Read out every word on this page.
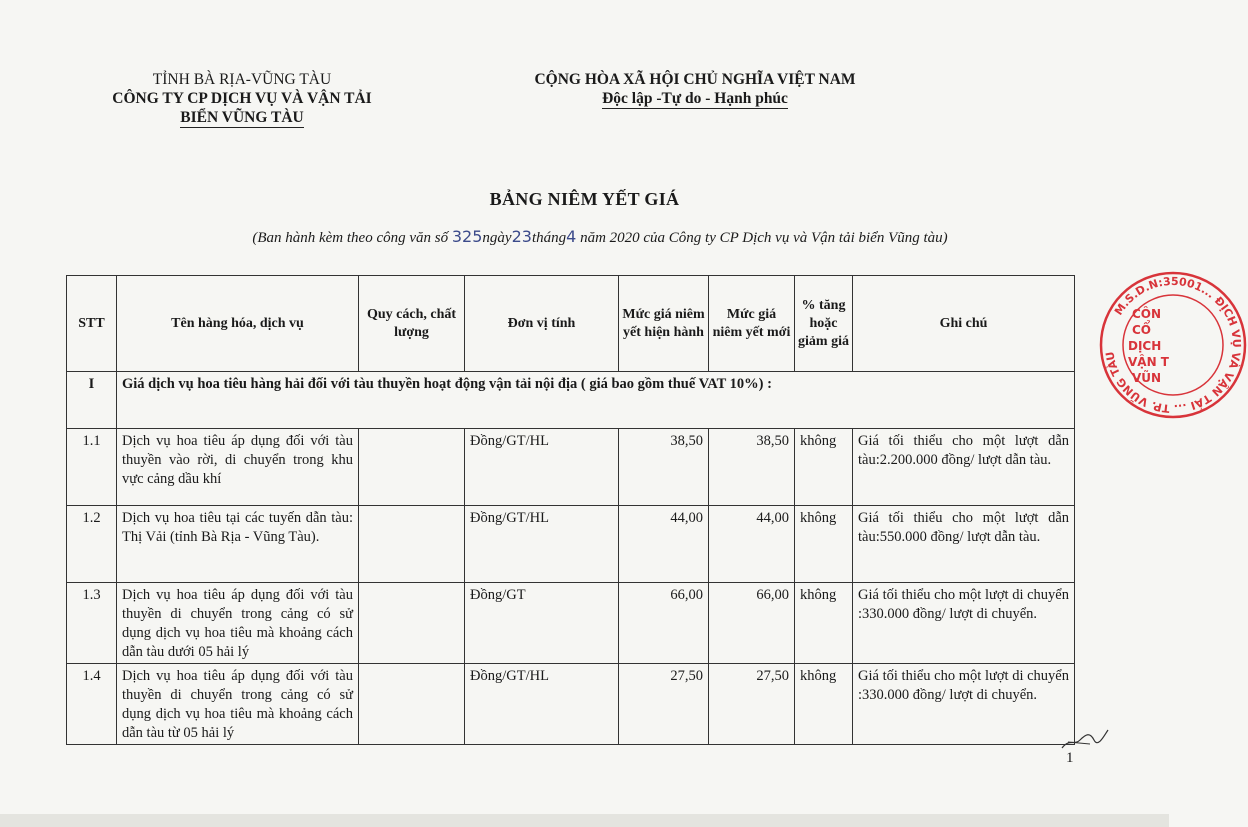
TỈNH BÀ RỊA-VŨNG TÀU
CÔNG TY CP DỊCH VỤ VÀ VẬN TẢI
BIỂN VŨNG TÀU
CỘNG HÒA XÃ HỘI CHỦ NGHĨA VIỆT NAM
Độc lập -Tự do - Hạnh phúc
BẢNG NIÊM YẾT GIÁ
(Ban hành kèm theo công văn số 325ngày23tháng4 năm 2020 của Công ty CP Dịch vụ và Vận tải biển Vũng tàu)
STT	Tên hàng hóa, dịch vụ	Quy cách, chất lượng	Đơn vị tính	Mức giá niêm yết hiện hành	Mức giá niêm yết mới	% tăng hoặc giảm giá	Ghi chú
I	Giá dịch vụ hoa tiêu hàng hải đối với tàu thuyền hoạt động vận tải nội địa ( giá bao gồm thuế VAT 10%) :						
1.1	Dịch vụ hoa tiêu áp dụng đối với tàu thuyền vào rời, di chuyển trong khu vực cảng dầu khí		Đồng/GT/HL	38,50	38,50	không	Giá tối thiểu cho một lượt dẫn tàu:2.200.000 đồng/ lượt dẫn tàu.
1.2	Dịch vụ hoa tiêu tại các tuyến dẫn tàu: Thị Vải (tỉnh Bà Rịa - Vũng Tàu).		Đồng/GT/HL	44,00	44,00	không	Giá tối thiểu cho một lượt dẫn tàu:550.000 đồng/ lượt dẫn tàu.
1.3	Dịch vụ hoa tiêu áp dụng đối với tàu thuyền di chuyển trong cảng có sử dụng dịch vụ hoa tiêu mà khoảng cách dẫn tàu dưới 05 hải lý		Đồng/GT	66,00	66,00	không	Giá tối thiểu cho một lượt di chuyển :330.000 đồng/ lượt di chuyển.
1.4	Dịch vụ hoa tiêu áp dụng đối với tàu thuyền di chuyển trong cảng có sử dụng dịch vụ hoa tiêu mà khoảng cách dẫn tàu từ 05 hải lý		Đồng/GT/HL	27,50	27,50	không	Giá tối thiểu cho một lượt di chuyển :330.000 đồng/ lượt di chuyển.
M.S.D.N:35001... ĐỊCH VỤ VÀ VẬN TẢI ... TP. VŨNG TÀU
CÔN
CỔ
DỊCH
VẬN T
VŨN
1
